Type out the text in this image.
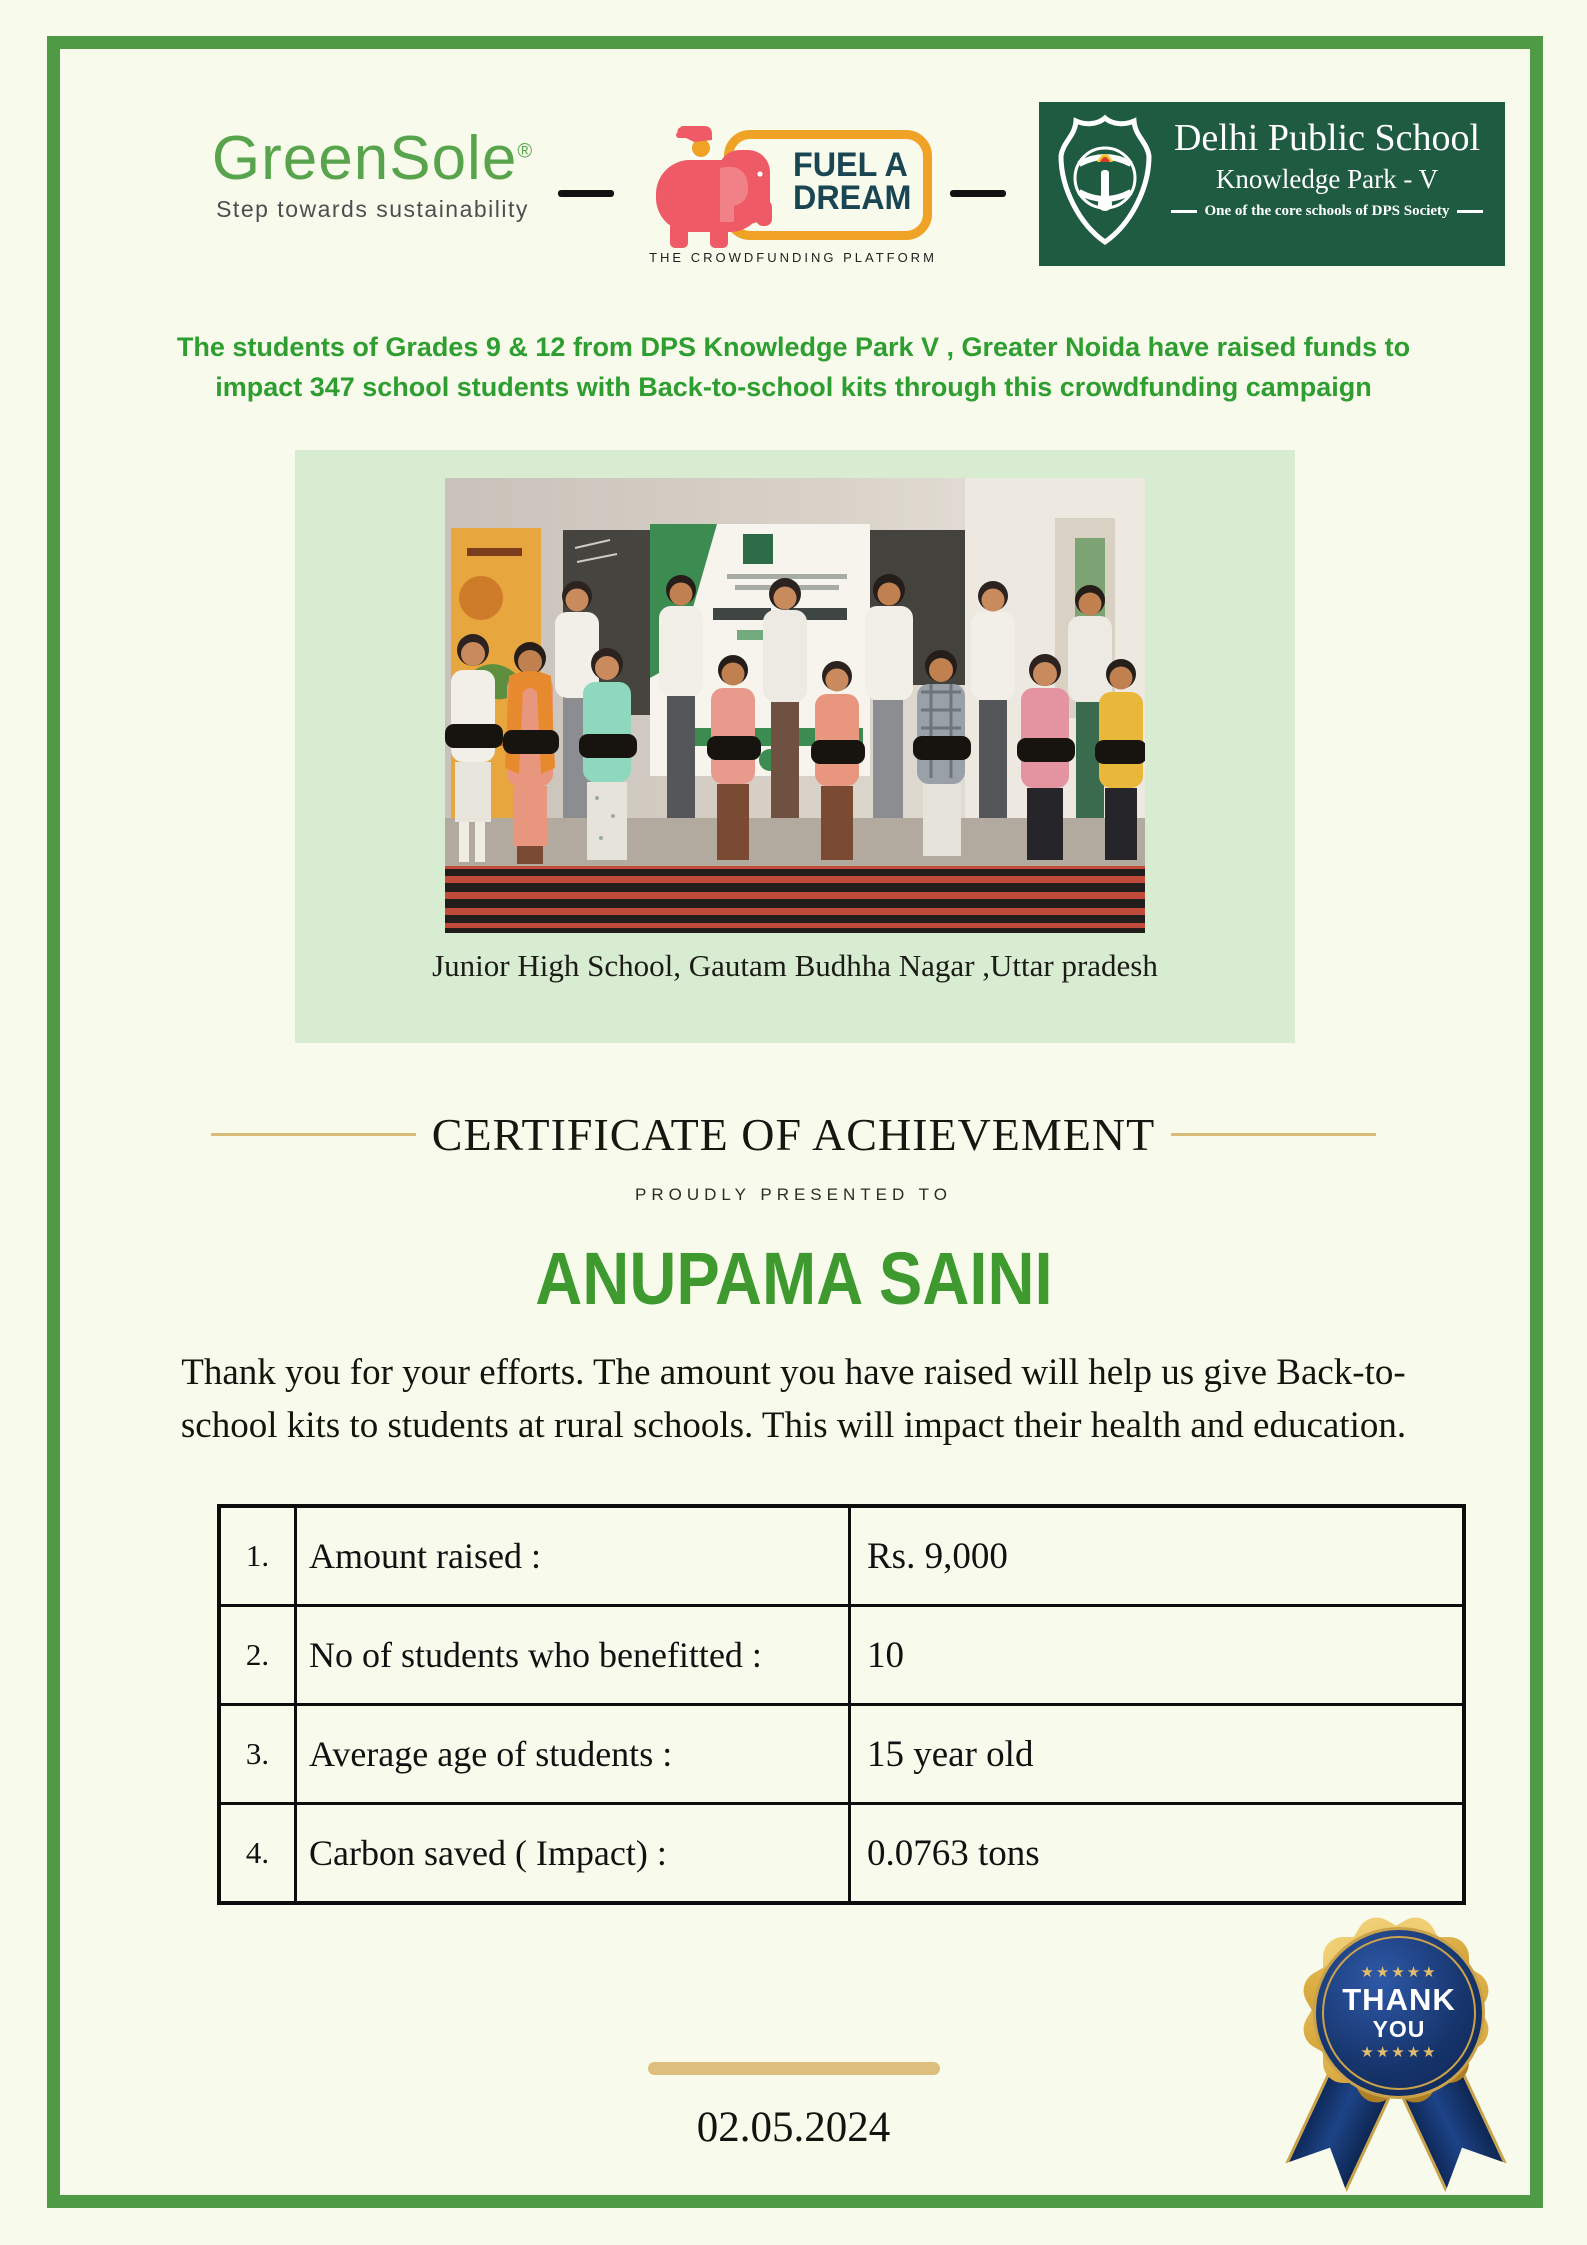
GreenSole®
Step towards sustainability
FUEL A
DREAM
THE CROWDFUNDING PLATFORM
Delhi Public School
Knowledge Park - V
One of the core schools of DPS Society
The students of Grades 9 & 12 from DPS Knowledge Park V , Greater Noida have raised funds to
impact 347 school students with Back-to-school kits through this crowdfunding campaign
Junior High School, Gautam Budhha Nagar ,Uttar pradesh
CERTIFICATE OF ACHIEVEMENT
PROUDLY PRESENTED TO
ANUPAMA SAINI
Thank you for your efforts. The amount you have raised will help us give Back-to-
school kits to students at rural schools. This will impact their health and education.
1.	Amount raised :	Rs. 9,000
2.	No of students who benefitted :	10
3.	Average age of students :	15 year old
4.	Carbon saved ( Impact) :	0.0763 tons
★★★★★
THANK
YOU
★★★★★
02.05.2024
